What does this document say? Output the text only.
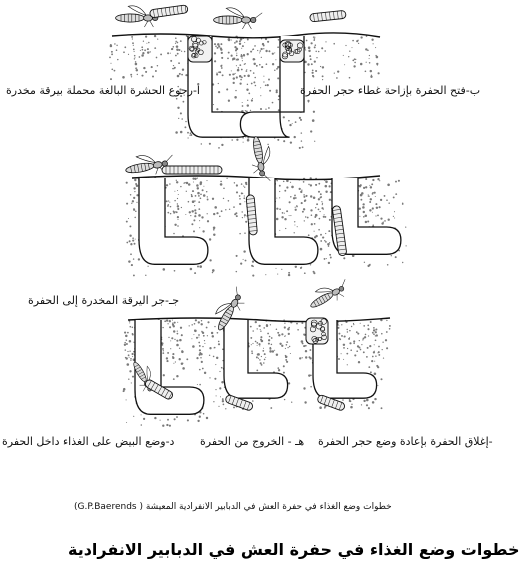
أ-رجوع الحشرة البالغة محملة بيرقة مخدرة	ب-فتح الحفرة بإزاحة غطاء حجر الحفرة
جـ-جر اليرقة المخدرة إلى الحفرة
د-وضع البيض على الغذاء داخل الحفرة هـ - الخروج من الحفرة -إغلاق الحفرة بإعادة وضع حجر الحفرة
خطوات وضع الغذاء في حفرة العش في الدبابير الانفرادية المعيشة ( G.P.Baerends)
خطوات وضع الغذاء في حفرة العش في الدبابير الانفرادية
